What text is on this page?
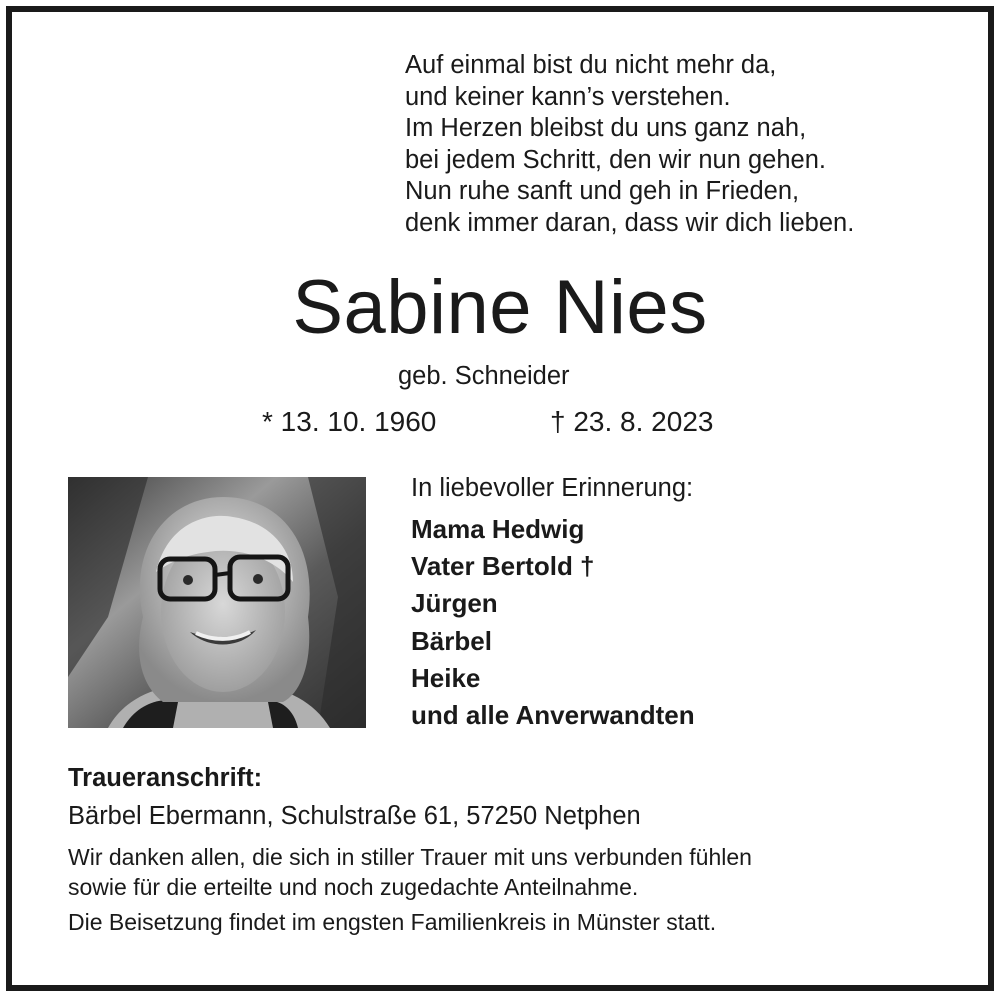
Auf einmal bist du nicht mehr da,
und keiner kann’s verstehen.
Im Herzen bleibst du uns ganz nah,
bei jedem Schritt, den wir nun gehen.
Nun ruhe sanft und geh in Frieden,
denk immer daran, dass wir dich lieben.
Sabine Nies
geb. Schneider
* 13. 10. 1960	† 23. 8. 2023
In liebevoller Erinnerung:
Mama Hedwig
Vater Bertold †
Jürgen
Bärbel
Heike
und alle Anverwandten
Traueranschrift:
Bärbel Ebermann, Schulstraße 61, 57250 Netphen
Wir danken allen, die sich in stiller Trauer mit uns verbunden fühlen
sowie für die erteilte und noch zugedachte Anteilnahme.
Die Beisetzung findet im engsten Familienkreis in Münster statt.
